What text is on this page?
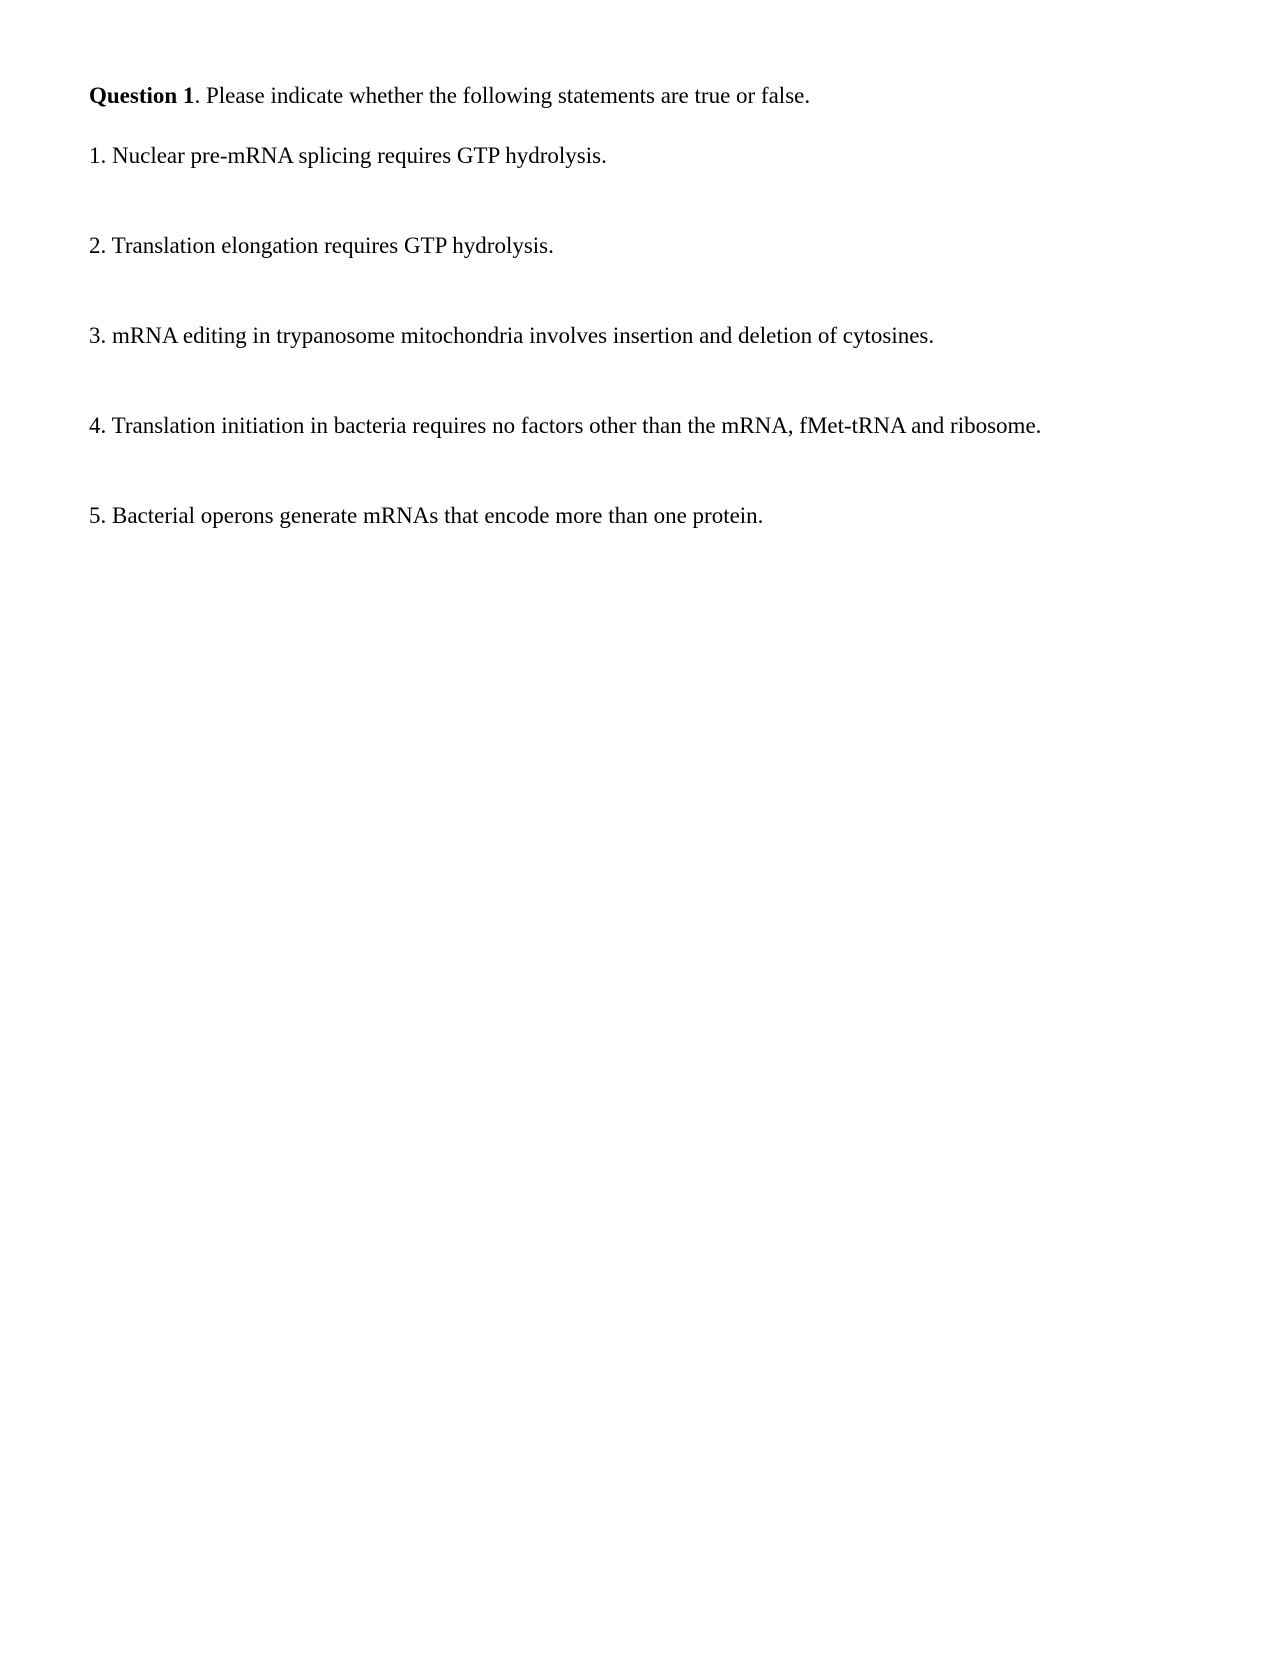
Question 1. Please indicate whether the following statements are true or false.
1. Nuclear pre-mRNA splicing requires GTP hydrolysis.
2. Translation elongation requires GTP hydrolysis.
3. mRNA editing in trypanosome mitochondria involves insertion and deletion of cytosines.
4. Translation initiation in bacteria requires no factors other than the mRNA, fMet-tRNA and ribosome.
5. Bacterial operons generate mRNAs that encode more than one protein.
